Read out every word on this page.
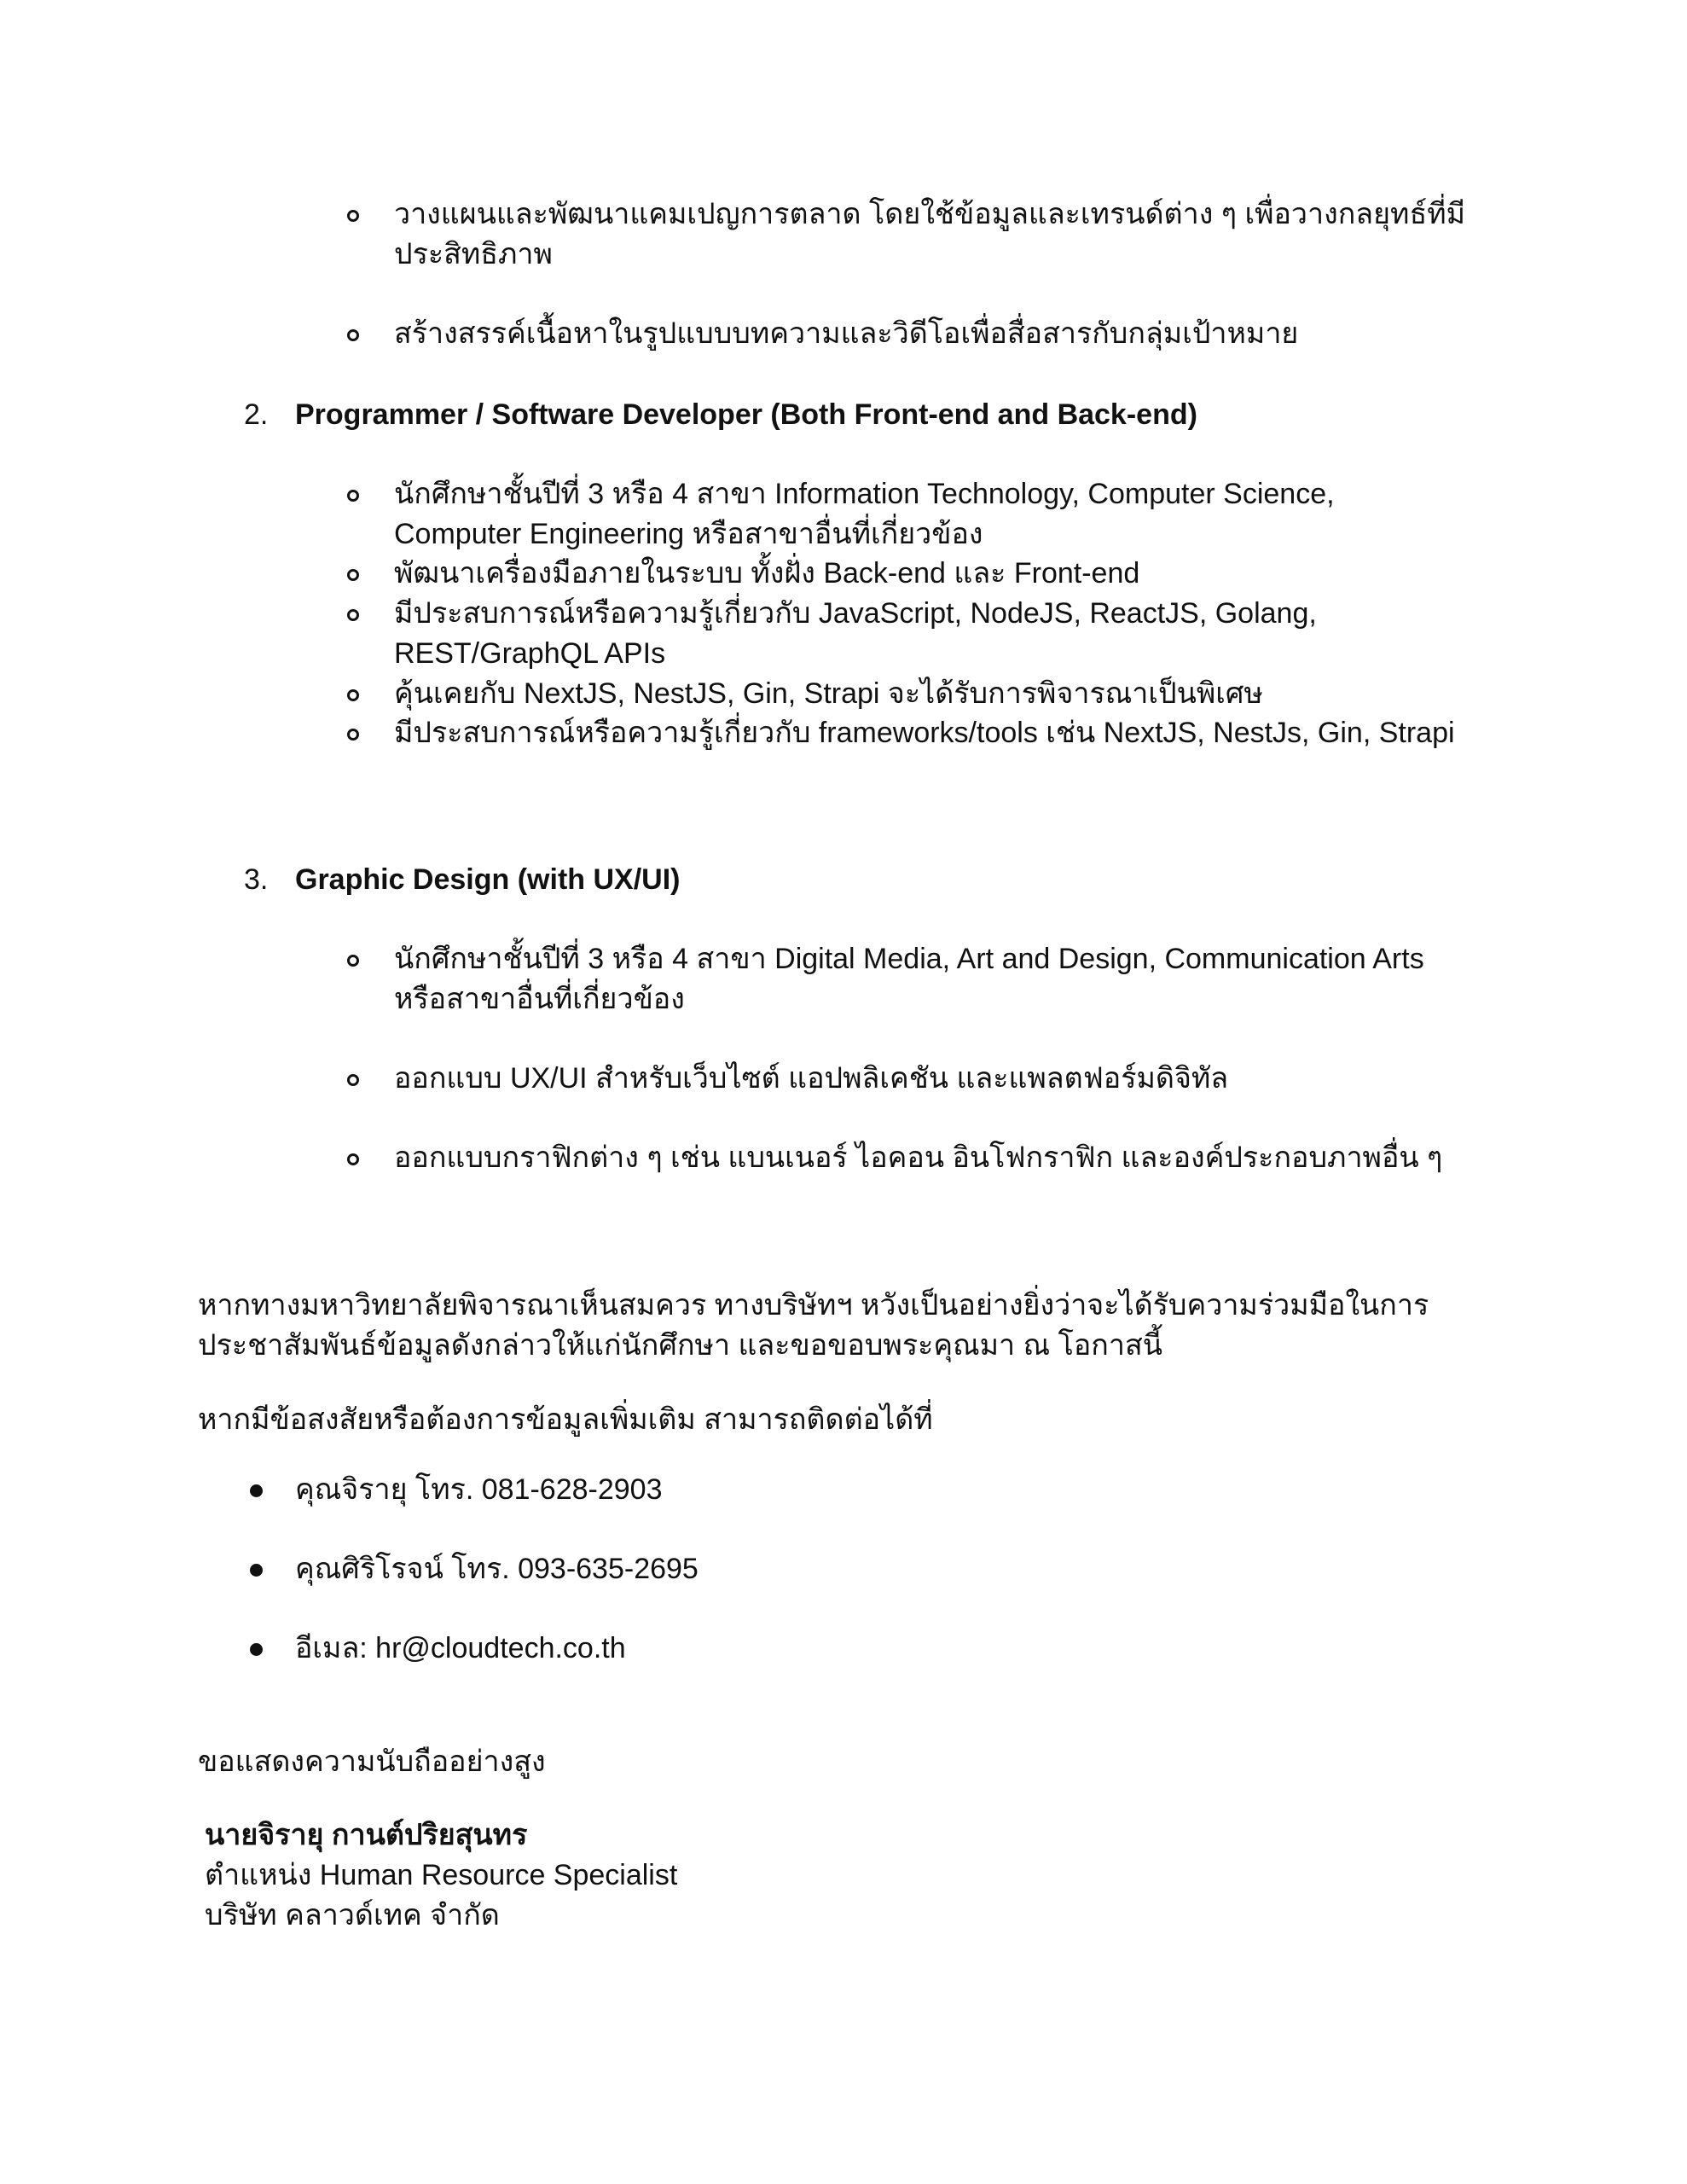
วางแผนและพัฒนาแคมเปญการตลาด โดยใช้ข้อมูลและเทรนด์ต่าง ๆ เพื่อวางกลยุทธ์ที่มี
ประสิทธิภาพ
สร้างสรรค์เนื้อหาในรูปแบบบทความและวิดีโอเพื่อสื่อสารกับกลุ่มเป้าหมาย
2. Programmer / Software Developer (Both Front-end and Back-end)
นักศึกษาชั้นปีที่ 3 หรือ 4 สาขา Information Technology, Computer Science,
Computer Engineering หรือสาขาอื่นที่เกี่ยวข้อง
พัฒนาเครื่องมือภายในระบบ ทั้งฝั่ง Back-end และ Front-end
มีประสบการณ์หรือความรู้เกี่ยวกับ JavaScript, NodeJS, ReactJS, Golang,
REST/GraphQL APIs
คุ้นเคยกับ NextJS, NestJS, Gin, Strapi จะได้รับการพิจารณาเป็นพิเศษ
มีประสบการณ์หรือความรู้เกี่ยวกับ frameworks/tools เช่น NextJS, NestJs, Gin, Strapi
3. Graphic Design (with UX/UI)
นักศึกษาชั้นปีที่ 3 หรือ 4 สาขา Digital Media, Art and Design, Communication Arts
หรือสาขาอื่นที่เกี่ยวข้อง
ออกแบบ UX/UI สำหรับเว็บไซต์ แอปพลิเคชัน และแพลตฟอร์มดิจิทัล
ออกแบบกราฟิกต่าง ๆ เช่น แบนเนอร์ ไอคอน อินโฟกราฟิก และองค์ประกอบภาพอื่น ๆ
หากทางมหาวิทยาลัยพิจารณาเห็นสมควร ทางบริษัทฯ หวังเป็นอย่างยิ่งว่าจะได้รับความร่วมมือในการ
ประชาสัมพันธ์ข้อมูลดังกล่าวให้แก่นักศึกษา และขอขอบพระคุณมา ณ โอกาสนี้
หากมีข้อสงสัยหรือต้องการข้อมูลเพิ่มเติม สามารถติดต่อได้ที่
คุณจิรายุ โทร. 081-628-2903
คุณศิริโรจน์ โทร. 093-635-2695
อีเมล: hr@cloudtech.co.th
ขอแสดงความนับถืออย่างสูง
นายจิรายุ กานต์ปริยสุนทร
ตำแหน่ง Human Resource Specialist
บริษัท คลาวด์เทค จำกัด
